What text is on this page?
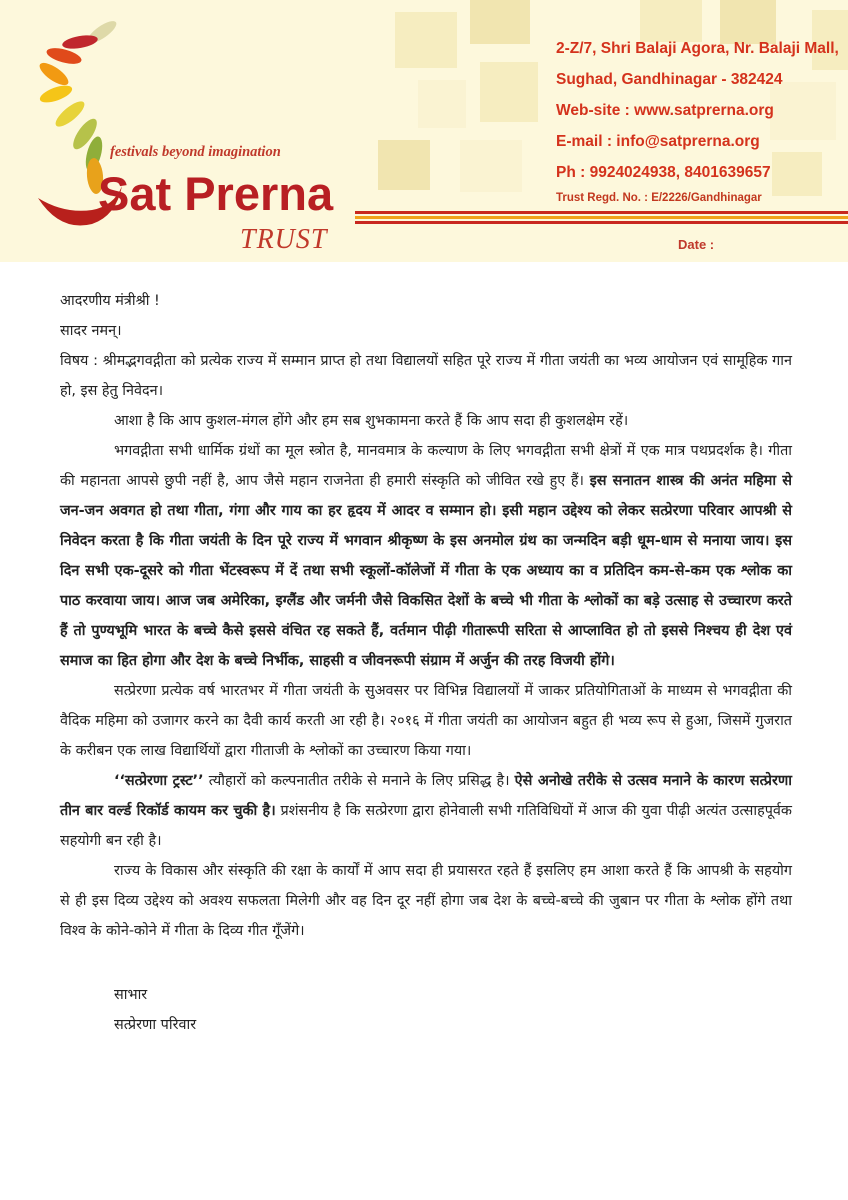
festivals beyond imagination
Sat Prerna
TRUST
2-Z/7, Shri Balaji Agora, Nr. Balaji Mall,
Sughad, Gandhinagar - 382424
Web-site : www.satprerna.org
E-mail : info@satprerna.org
Ph : 9924024938, 8401639657
Trust Regd. No. : E/2226/Gandhinagar
Date :

आदरणीय मंत्रीश्री !

सादर नमन्।

विषय : श्रीमद्भगवद्गीता को प्रत्येक राज्य में सम्मान प्राप्त हो तथा विद्यालयों सहित पूरे राज्य में गीता जयंती का भव्य आयोजन एवं सामूहिक गान हो, इस हेतु निवेदन।

आशा है कि आप कुशल-मंगल होंगे और हम सब शुभकामना करते हैं कि आप सदा ही कुशलक्षेम रहें।

भगवद्गीता सभी धार्मिक ग्रंथों का मूल स्त्रोत है, मानवमात्र के कल्याण के लिए भगवद्गीता सभी क्षेत्रों में एक मात्र पथप्रदर्शक है। गीता की महानता आपसे छुपी नहीं है, आप जैसे महान राजनेता ही हमारी संस्कृति को जीवित रखे हुए हैं। इस सनातन शास्त्र की अनंत महिमा से जन-जन अवगत हो तथा गीता, गंगा और गाय का हर हृदय में आदर व सम्मान हो। इसी महान उद्देश्य को लेकर सत्प्रेरणा परिवार आपश्री से निवेदन करता है कि गीता जयंती के दिन पूरे राज्य में भगवान श्रीकृष्ण के इस अनमोल ग्रंथ का जन्मदिन बड़ी धूम-धाम से मनाया जाय। इस दिन सभी एक-दूसरे को गीता भेंटस्वरूप में दें तथा सभी स्कूलों-कॉलेजों में गीता के एक अध्याय का व प्रतिदिन कम-से-कम एक श्लोक का पाठ करवाया जाय। आज जब अमेरिका, इग्लैंड और जर्मनी जैसे विकसित देशों के बच्चे भी गीता के श्लोकों का बड़े उत्साह से उच्चारण करते हैं तो पुण्यभूमि भारत के बच्चे कैसे इससे वंचित रह सकते हैं, वर्तमान पीढ़ी गीतारूपी सरिता से आप्लावित हो तो इससे निश्चय ही देश एवं समाज का हित होगा और देश के बच्चे निर्भीक, साहसी व जीवनरूपी संग्राम में अर्जुन की तरह विजयी होंगे।

सत्प्रेरणा प्रत्येक वर्ष भारतभर में गीता जयंती के सुअवसर पर विभिन्न विद्यालयों में जाकर प्रतियोगिताओं के माध्यम से भगवद्गीता की वैदिक महिमा को उजागर करने का दैवी कार्य करती आ रही है। २०१६ में गीता जयंती का आयोजन बहुत ही भव्य रूप से हुआ, जिसमें गुजरात के करीबन एक लाख विद्यार्थियों द्वारा गीताजी के श्लोकों का उच्चारण किया गया।

‘‘सत्प्रेरणा ट्रस्ट’’ त्यौहारों को कल्पनातीत तरीके से मनाने के लिए प्रसिद्ध है। ऐसे अनोखे तरीके से उत्सव मनाने के कारण सत्प्रेरणा तीन बार वर्ल्ड रिकॉर्ड कायम कर चुकी है। प्रशंसनीय है कि सत्प्रेरणा द्वारा होनेवाली सभी गतिविधियों में आज की युवा पीढ़ी अत्यंत उत्साहपूर्वक सहयोगी बन रही है।

राज्य के विकास और संस्कृति की रक्षा के कार्यों में आप सदा ही प्रयासरत रहते हैं इसलिए हम आशा करते हैं कि आपश्री के सहयोग से ही इस दिव्य उद्देश्य को अवश्य सफलता मिलेगी और वह दिन दूर नहीं होगा जब देश के बच्चे-बच्चे की जुबान पर गीता के श्लोक होंगे तथा विश्व के कोने-कोने में गीता के दिव्य गीत गूँजेंगे।

साभार

सत्प्रेरणा परिवार
